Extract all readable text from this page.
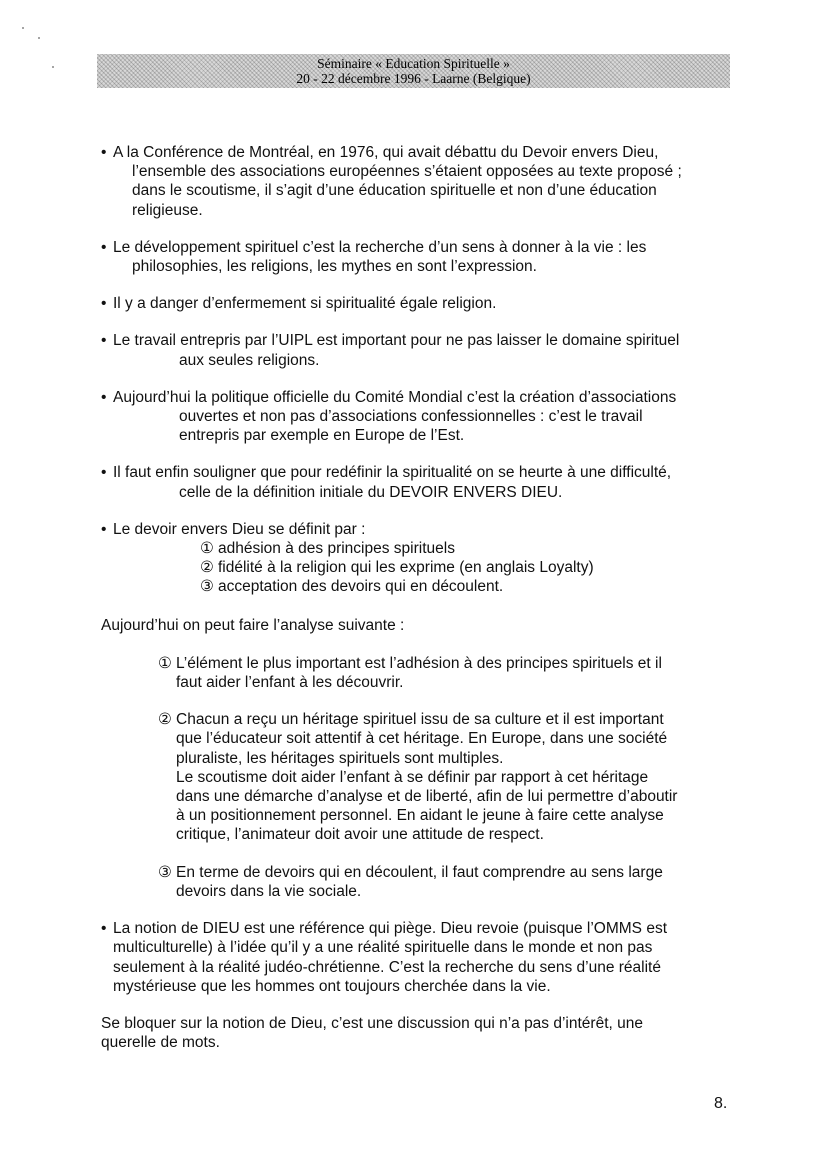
Séminaire « Education Spirituelle »
20 - 22 décembre 1996 - Laarne (Belgique)
• A la Conférence de Montréal, en 1976, qui avait débattu du Devoir envers Dieu,
l’ensemble des associations européennes s’étaient opposées au texte proposé ;
dans le scoutisme, il s’agit d’une éducation spirituelle et non d’une éducation
religieuse.
• Le développement spirituel c’est la recherche d’un sens à donner à la vie : les
philosophies, les religions, les mythes en sont l’expression.
• Il y a danger d’enfermement si spiritualité égale religion.
• Le travail entrepris par l’UIPL est important pour ne pas laisser le domaine spirituel
aux seules religions.
• Aujourd’hui la politique officielle du Comité Mondial c’est la création d’associations
ouvertes et non pas d’associations confessionnelles : c’est le travail
entrepris par exemple en Europe de l’Est.
• Il faut enfin souligner que pour redéfinir la spiritualité on se heurte à une difficulté,
celle de la définition initiale du DEVOIR ENVERS DIEU.
• Le devoir envers Dieu se définit par :
① adhésion à des principes spirituels
② fidélité à la religion qui les exprime (en anglais Loyalty)
③ acceptation des devoirs qui en découlent.

Aujourd’hui on peut faire l’analyse suivante :

① L’élément le plus important est l’adhésion à des principes spirituels et il
faut aider l’enfant à les découvrir.
② Chacun a reçu un héritage spirituel issu de sa culture et il est important
que l’éducateur soit attentif à cet héritage. En Europe, dans une société
pluraliste, les héritages spirituels sont multiples.
Le scoutisme doit aider l’enfant à se définir par rapport à cet héritage
dans une démarche d’analyse et de liberté, afin de lui permettre d’aboutir
à un positionnement personnel. En aidant le jeune à faire cette analyse
critique, l’animateur doit avoir une attitude de respect.
③ En terme de devoirs qui en découlent, il faut comprendre au sens large
devoirs dans la vie sociale.
• La notion de DIEU est une référence qui piège. Dieu revoie (puisque l’OMMS est
multiculturelle) à l’idée qu’il y a une réalité spirituelle dans le monde et non pas
seulement à la réalité judéo-chrétienne. C’est la recherche du sens d’une réalité
mystérieuse que les hommes ont toujours cherchée dans la vie.
Se bloquer sur la notion de Dieu, c’est une discussion qui n’a pas d’intérêt, une
querelle de mots.
8.
